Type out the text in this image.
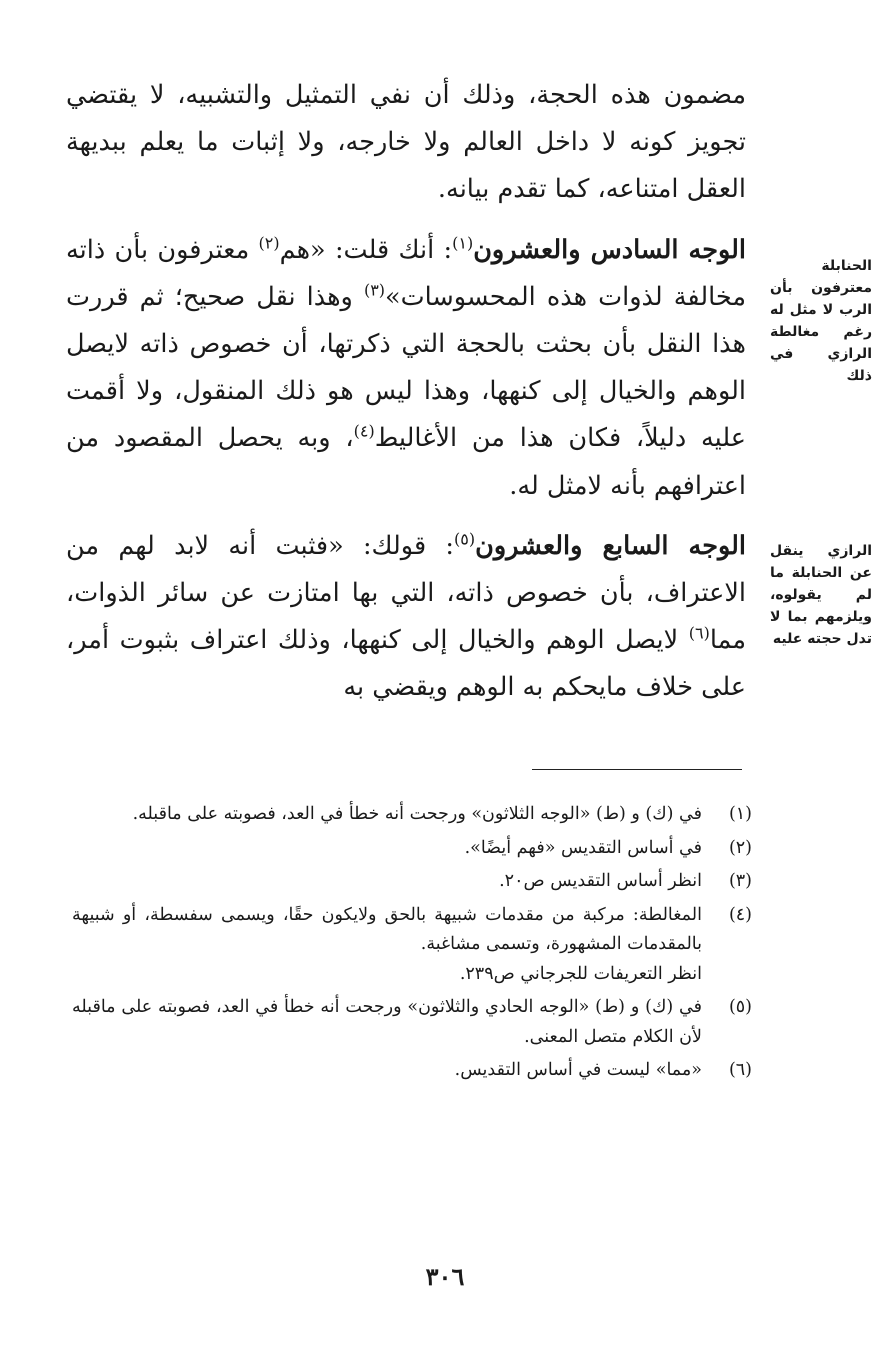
مضمون هذه الحجة، وذلك أن نفي التمثيل والتشبيه، لا يقتضي تجويز كونه لا داخل العالم ولا خارجه، ولا إثبات ما يعلم ببديهة العقل امتناعه، كما تقدم بيانه.

الوجه السادس والعشرون$^{(١)}$: أنك قلت: «هم$^{(٢)}$ معترفون بأن ذاته مخالفة لذوات هذه المحسوسات»$^{(٣)}$ وهذا نقل صحيح؛ ثم قررت هذا النقل بأن بحثت بالحجة التي ذكرتها، أن خصوص ذاته لايصل الوهم والخيال إلى كنهها، وهذا ليس هو ذلك المنقول، ولا أقمت عليه دليلاً، فكان هذا من الأغاليط$^{(٤)}$، وبه يحصل المقصود من اعترافهم بأنه لامثل له.

الوجه السابع والعشرون$^{(٥)}$: قولك: «فثبت أنه لابد لهم من الاعتراف، بأن خصوص ذاته، التي بها امتازت عن سائر الذوات، مما$^{(٦)}$ لايصل الوهم والخيال إلى كنهها، وذلك اعتراف بثبوت أمر، على خلاف مايحكم به الوهم ويقضي به

الحنابلة معترفون بأن الرب لا مثل له رغم مغالطة الرازي في ذلك
الرازي ينقل عن الحنابلة ما لم يقولوه، ويلزمهم بما لا تدل حجته عليه
(١)
في (ك) و (ط) «الوجه الثلاثون» ورجحت أنه خطأ في العد، فصوبته على ماقبله.
(٢)
في أساس التقديس «فهم أيضًا».
(٣)
انظر أساس التقديس ص٢٠.
(٤)
المغالطة: مركبة من مقدمات شبيهة بالحق ولايكون حقًا، ويسمى سفسطة، أو شبيهة بالمقدمات المشهورة، وتسمى مشاغبة.
انظر التعريفات للجرجاني ص٢٣٩.
(٥)
في (ك) و (ط) «الوجه الحادي والثلاثون» ورجحت أنه خطأ في العد، فصوبته على ماقبله لأن الكلام متصل المعنى.
(٦)
«مما» ليست في أساس التقديس.
٣٠٦
